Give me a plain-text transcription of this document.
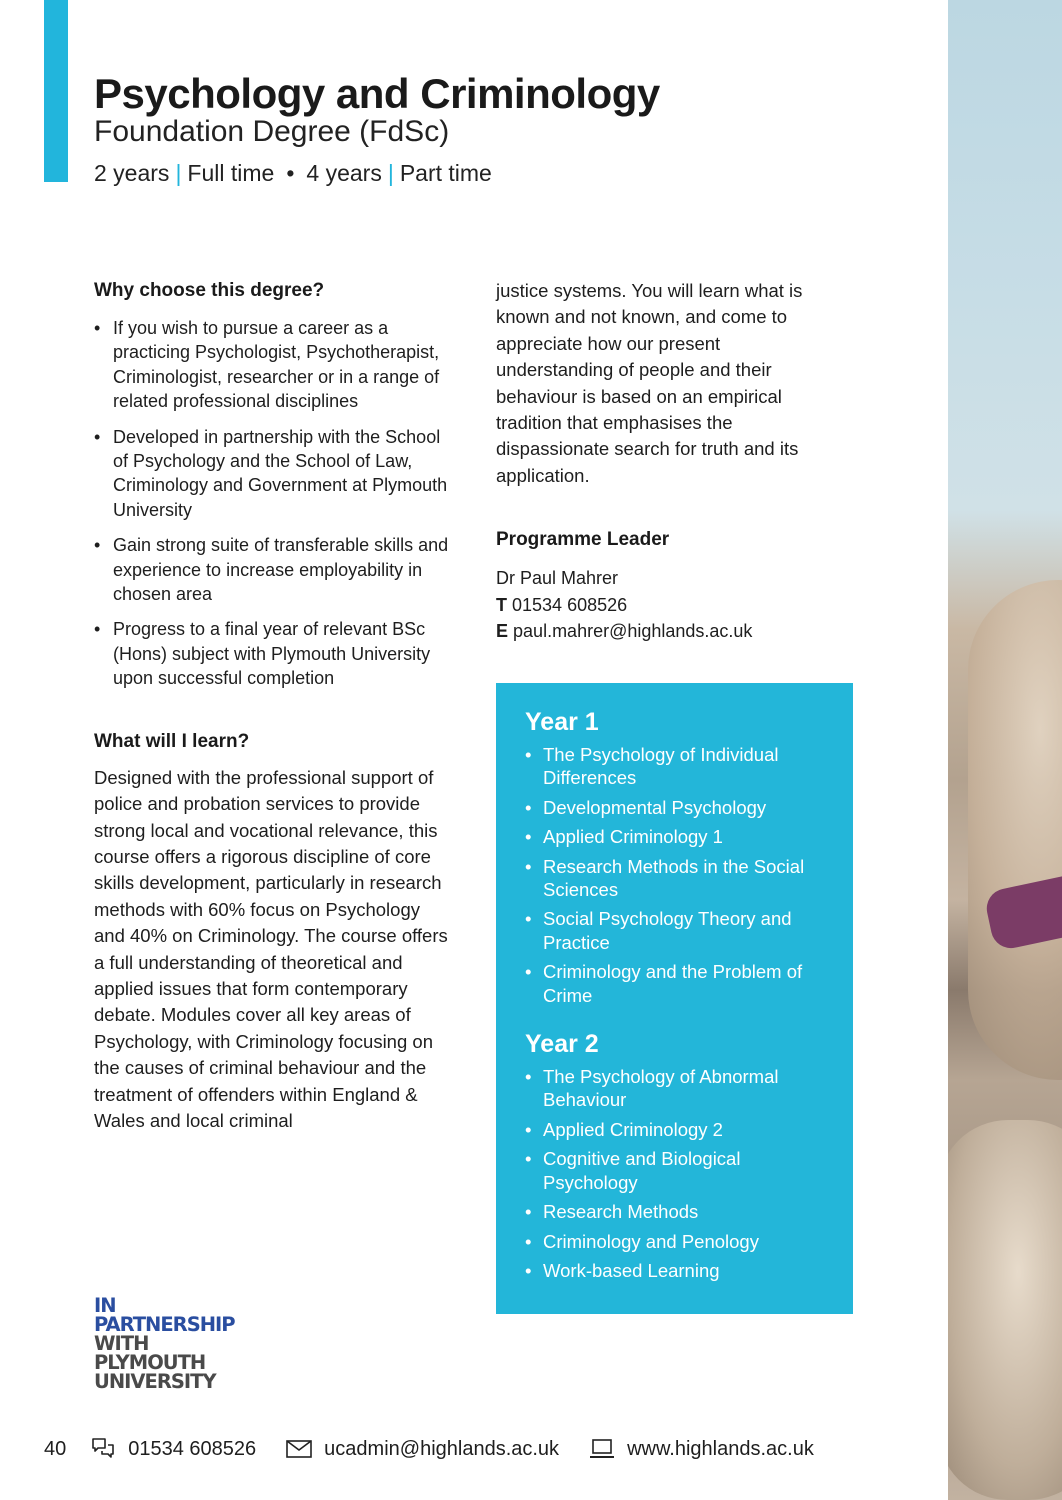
Psychology and Criminology
Foundation Degree (FdSc)
2 years | Full time • 4 years | Part time
Why choose this degree?
• If you wish to pursue a career as a practicing Psychologist, Psychotherapist, Criminologist, researcher or in a range of related professional disciplines
• Developed in partnership with the School of Psychology and the School of Law, Criminology and Government at Plymouth University
• Gain strong suite of transferable skills and experience to increase employability in chosen area
• Progress to a final year of relevant BSc (Hons) subject with Plymouth University upon successful completion
What will I learn?

Designed with the professional support of police and probation services to provide strong local and vocational relevance, this course offers a rigorous discipline of core skills development, particularly in research methods with 60% focus on Psychology and 40% on Criminology. The course offers a full understanding of theoretical and applied issues that form contemporary debate. Modules cover all key areas of Psychology, with Criminology focusing on the causes of criminal behaviour and the treatment of offenders within England & Wales and local criminal

justice systems. You will learn what is known and not known, and come to appreciate how our present understanding of people and their behaviour is based on an empirical tradition that emphasises the dispassionate search for truth and its application.

Programme Leader
Dr Paul Mahrer
T 01534 608526
E paul.mahrer@highlands.ac.uk
Year 1
• The Psychology of Individual Differences
• Developmental Psychology
• Applied Criminology 1
• Research Methods in the Social Sciences
• Social Psychology Theory and Practice
• Criminology and the Problem of Crime
Year 2
• The Psychology of Abnormal Behaviour
• Applied Criminology 2
• Cognitive and Biological Psychology
• Research Methods
• Criminology and Penology
• Work-based Learning
IN
PARTNERSHIP
WITH
PLYMOUTH
UNIVERSITY
40	01534 608526	ucadmin@highlands.ac.uk	www.highlands.ac.uk
